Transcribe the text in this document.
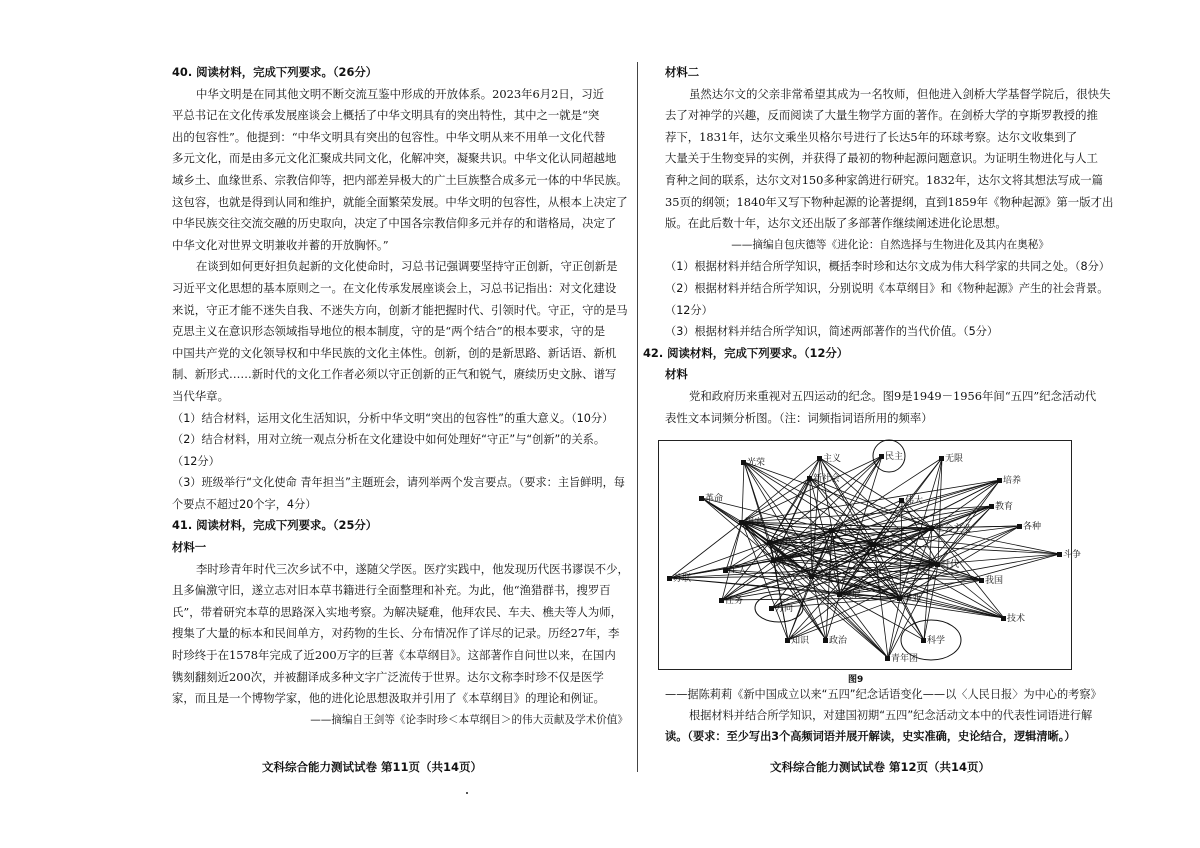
40. 阅读材料，完成下列要求。（26分）

中华文明是在同其他文明不断交流互鉴中形成的开放体系。2023年6月2日，习近

平总书记在文化传承发展座谈会上概括了中华文明具有的突出特性，其中之一就是“突

出的包容性”。他提到：“中华文明具有突出的包容性。中华文明从来不用单一文化代替

多元文化，而是由多元文化汇聚成共同文化，化解冲突，凝聚共识。中华文化认同超越地

域乡土、血缘世系、宗教信仰等，把内部差异极大的广土巨族整合成多元一体的中华民族。

这包容，也就是得到认同和维护，就能全面繁荣发展。中华文明的包容性，从根本上决定了

中华民族交往交流交融的历史取向，决定了中国各宗教信仰多元并存的和谐格局，决定了

中华文化对世界文明兼收并蓄的开放胸怀。”

在谈到如何更好担负起新的文化使命时，习总书记强调要坚持守正创新，守正创新是

习近平文化思想的基本原则之一。在文化传承发展座谈会上，习总书记指出：对文化建设

来说，守正才能不迷失自我、不迷失方向，创新才能把握时代、引领时代。守正，守的是马

克思主义在意识形态领域指导地位的根本制度，守的是“两个结合”的根本要求，守的是

中国共产党的文化领导权和中华民族的文化主体性。创新，创的是新思路、新话语、新机

制、新形式……新时代的文化工作者必须以守正创新的正气和锐气，赓续历史文脉、谱写

当代华章。

（1）结合材料，运用文化生活知识，分析中华文明“突出的包容性”的重大意义。（10分）

（2）结合材料，用对立统一观点分析在文化建设中如何处理好“守正”与“创新”的关系。

（12分）

（3）班级举行“文化使命 青年担当”主题班会，请列举两个发言要点。（要求：主旨鲜明，每

个要点不超过20个字，4分）

41. 阅读材料，完成下列要求。（25分）

材料一

李时珍青年时代三次乡试不中，遂随父学医。医疗实践中，他发现历代医书谬误不少，

且多偏激守旧，遂立志对旧本草书籍进行全面整理和补充。为此，他“渔猎群书，搜罗百

氏”，带着研究本草的思路深入实地考察。为解决疑难，他拜农民、车夫、樵夫等人为师，

搜集了大量的标本和民间单方，对药物的生长、分布情况作了详尽的记录。历经27年，李

时珍终于在1578年完成了近200万字的巨著《本草纲目》。这部著作自问世以来，在国内

镌刻翻刻近200次，并被翻译成多种文字广泛流传于世界。达尔文称李时珍不仅是医学

家，而且是一个博物学家，他的进化论思想汲取并引用了《本草纲目》的理论和例证。

——摘编自王剑等《论李时珍＜本草纲目＞的伟大贡献及学术价值》

文科综合能力测试试卷 第11页（共14页）

材料二

虽然达尔文的父亲非常希望其成为一名牧师，但他进入剑桥大学基督学院后，很快失

去了对神学的兴趣，反而阅读了大量生物学方面的著作。在剑桥大学的亨斯罗教授的推

荐下，1831年，达尔文乘坐贝格尔号进行了长达5年的环球考察。达尔文收集到了

大量关于生物变异的实例，并获得了最初的物种起源问题意识。为证明生物进化与人工

育种之间的联系，达尔文对150多种家鸽进行研究。1832年，达尔文将其想法写成一篇

35页的纲领；1840年又写下物种起源的论著提纲，直到1859年《物种起源》第一版才出

版。在此后数十年，达尔文还出版了多部著作继续阐述进化论思想。

——摘编自包庆德等《进化论：自然选择与生物进化及其内在奥秘》

（1）根据材料并结合所学知识，概括李时珍和达尔文成为伟大科学家的共同之处。（8分）

（2）根据材料并结合所学知识，分别说明《本草纲目》和《物种起源》产生的社会背景。

（12分）

（3）根据材料并结合所学知识，简述两部著作的当代价值。（5分）

42. 阅读材料，完成下列要求。（12分）

材料

党和政府历来重视对五四运动的纪念。图9是1949－1956年间“五四”纪念活动代

表性文本词频分析图。（注：词频指词语所用的频率）

光荣	主义	民主	无限
新社会	培养
革命	伟大
教育
国家
社会主义	各种
人民
中国	青年
斗争
苏联	力量
工人
发展
我国
任务	事业
方向
技术
知识	政治	科学
青年团
人类	时代
图9

——据陈莉莉《新中国成立以来“五四”纪念话语变化——以〈人民日报〉为中心的考察》

根据材料并结合所学知识，对建国初期“五四”纪念活动文本中的代表性词语进行解

读。（要求：至少写出3个高频词语并展开解读，史实准确，史论结合，逻辑清晰。）

文科综合能力测试试卷 第12页（共14页）
